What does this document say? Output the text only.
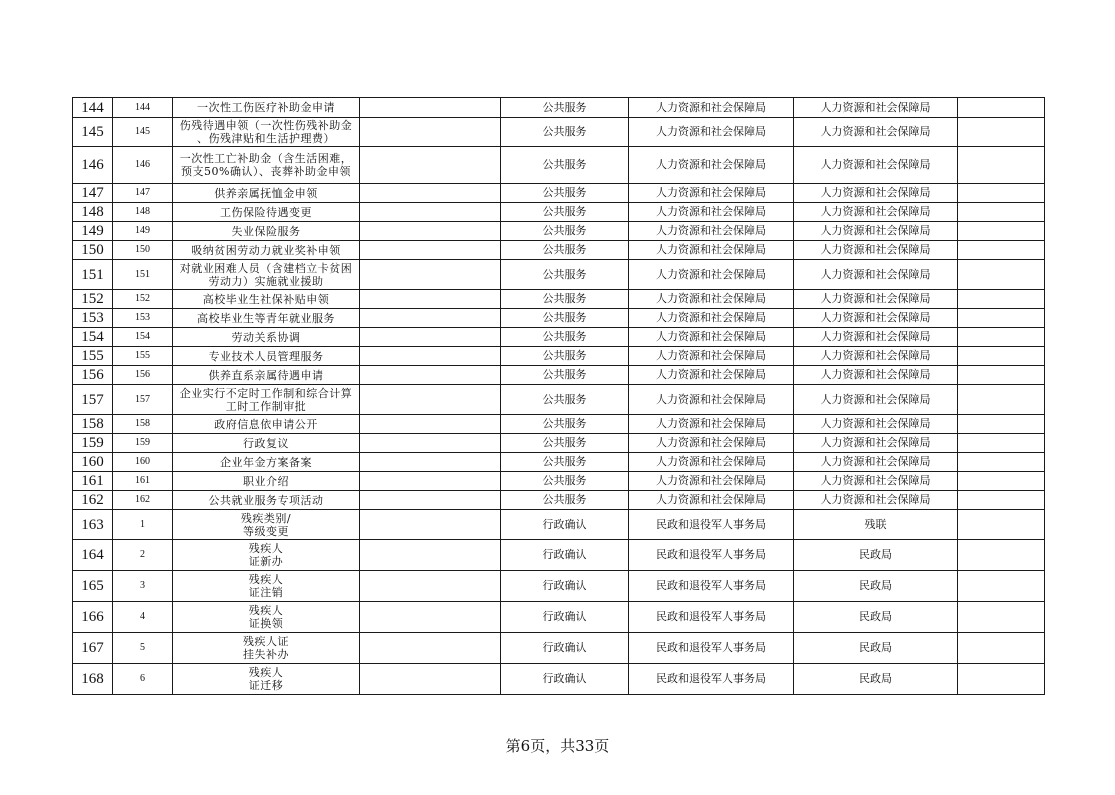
144	144	一次性工伤医疗补助金申请		公共服务	人力资源和社会保障局	人力资源和社会保障局	
145	145	伤残待遇申领（一次性伤残补助金
、伤残津贴和生活护理费）		公共服务	人力资源和社会保障局	人力资源和社会保障局	
146	146	一次性工亡补助金（含生活困难，
预支50%确认）、丧葬补助金申领		公共服务	人力资源和社会保障局	人力资源和社会保障局	
147	147	供养亲属抚恤金申领		公共服务	人力资源和社会保障局	人力资源和社会保障局	
148	148	工伤保险待遇变更		公共服务	人力资源和社会保障局	人力资源和社会保障局	
149	149	失业保险服务		公共服务	人力资源和社会保障局	人力资源和社会保障局	
150	150	吸纳贫困劳动力就业奖补申领		公共服务	人力资源和社会保障局	人力资源和社会保障局	
151	151	对就业困难人员（含建档立卡贫困
劳动力）实施就业援助		公共服务	人力资源和社会保障局	人力资源和社会保障局	
152	152	高校毕业生社保补贴申领		公共服务	人力资源和社会保障局	人力资源和社会保障局	
153	153	高校毕业生等青年就业服务		公共服务	人力资源和社会保障局	人力资源和社会保障局	
154	154	劳动关系协调		公共服务	人力资源和社会保障局	人力资源和社会保障局	
155	155	专业技术人员管理服务		公共服务	人力资源和社会保障局	人力资源和社会保障局	
156	156	供养直系亲属待遇申请		公共服务	人力资源和社会保障局	人力资源和社会保障局	
157	157	企业实行不定时工作制和综合计算
工时工作制审批		公共服务	人力资源和社会保障局	人力资源和社会保障局	
158	158	政府信息依申请公开		公共服务	人力资源和社会保障局	人力资源和社会保障局	
159	159	行政复议		公共服务	人力资源和社会保障局	人力资源和社会保障局	
160	160	企业年金方案备案		公共服务	人力资源和社会保障局	人力资源和社会保障局	
161	161	职业介绍		公共服务	人力资源和社会保障局	人力资源和社会保障局	
162	162	公共就业服务专项活动		公共服务	人力资源和社会保障局	人力资源和社会保障局	
163	1	残疾类别/
等级变更		行政确认	民政和退役军人事务局	残联	
164	2	残疾人
证新办		行政确认	民政和退役军人事务局	民政局	
165	3	残疾人
证注销		行政确认	民政和退役军人事务局	民政局	
166	4	残疾人
证换领		行政确认	民政和退役军人事务局	民政局	
167	5	残疾人证
挂失补办		行政确认	民政和退役军人事务局	民政局	
168	6	残疾人
证迁移		行政确认	民政和退役军人事务局	民政局	
第6页，共33页
